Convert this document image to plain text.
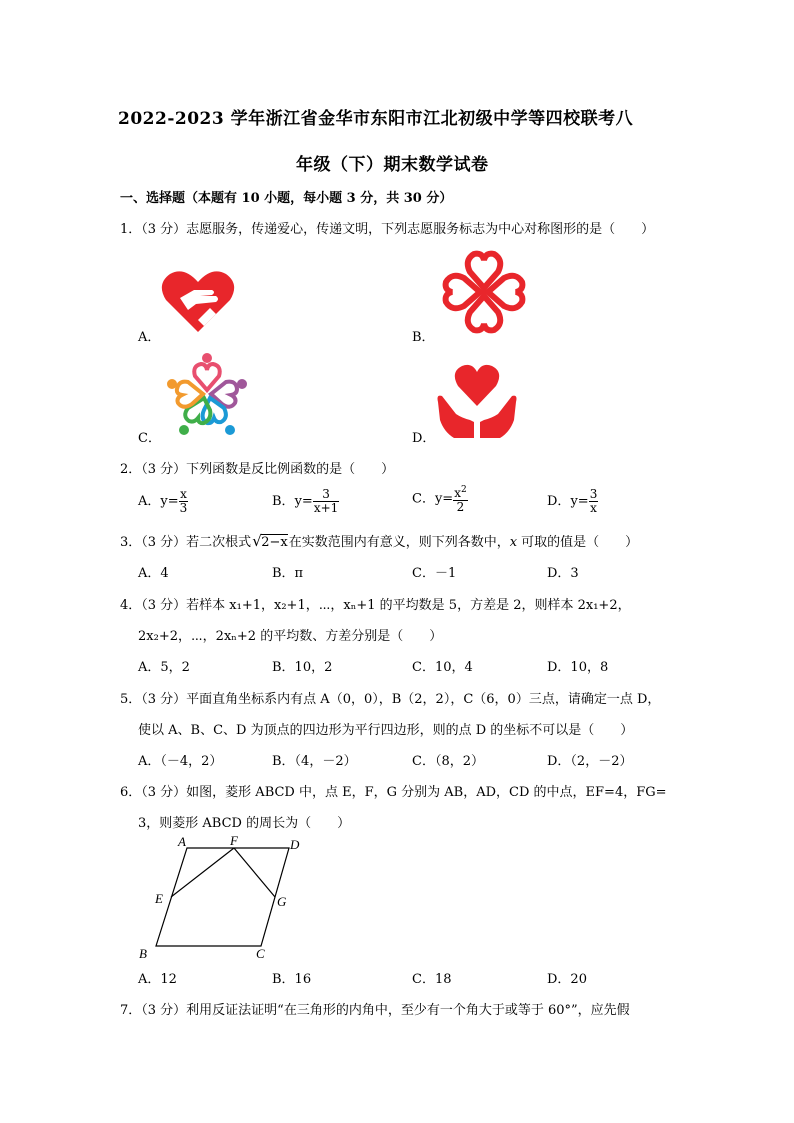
2022-2023 学年浙江省金华市东阳市江北初级中学等四校联考八
年级（下）期末数学试卷
一、选择题（本题有 10 小题，每小题 3 分，共 30 分）
1．（3 分）志愿服务，传递爱心，传递文明，下列志愿服务标志为中心对称图形的是（　　）
A．	B．
C．	D．
2．（3 分）下列函数是反比例函数的是（　　）
A．$y= \frac{x}{3}$	B．$y= \frac{3}{x+1}$	C．$y= \frac{x^2}{2}$	D．$y= \frac{3}{x}$
3．（3 分）若二次根式 √ 2−x在实数范围内有意义，则下列各数中，x 可取的值是（　　）
A．4	B．π	C．－1	D．3
4．（3 分）若样本 x₁+1，x₂+1，⋯，xₙ+1 的平均数是 5，方差是 2，则样本 2x₁+2，
2x₂+2，⋯，2xₙ+2 的平均数、方差分别是（　　）
A．5，2	B．10，2	C．10，4	D．10，8
5．（3 分）平面直角坐标系内有点 A（0，0），B（2，2），C（6，0）三点，请确定一点 D，
使以 A、B、C、D 为顶点的四边形为平行四边形，则的点 D 的坐标不可以是（　　）
A．（－4，2）	B．（4，－2）	C．（8，2）	D．（2，－2）
6．（3 分）如图，菱形 ABCD 中，点 E，F，G 分别为 AB，AD，CD 的中点，EF=4，FG=
3，则菱形 ABCD 的周长为（　　）
A	F	D
E	G
B	C
A．12	B．16	C．18	D．20
7．（3 分）利用反证法证明“在三角形的内角中，至少有一个角大于或等于 60°”，应先假
